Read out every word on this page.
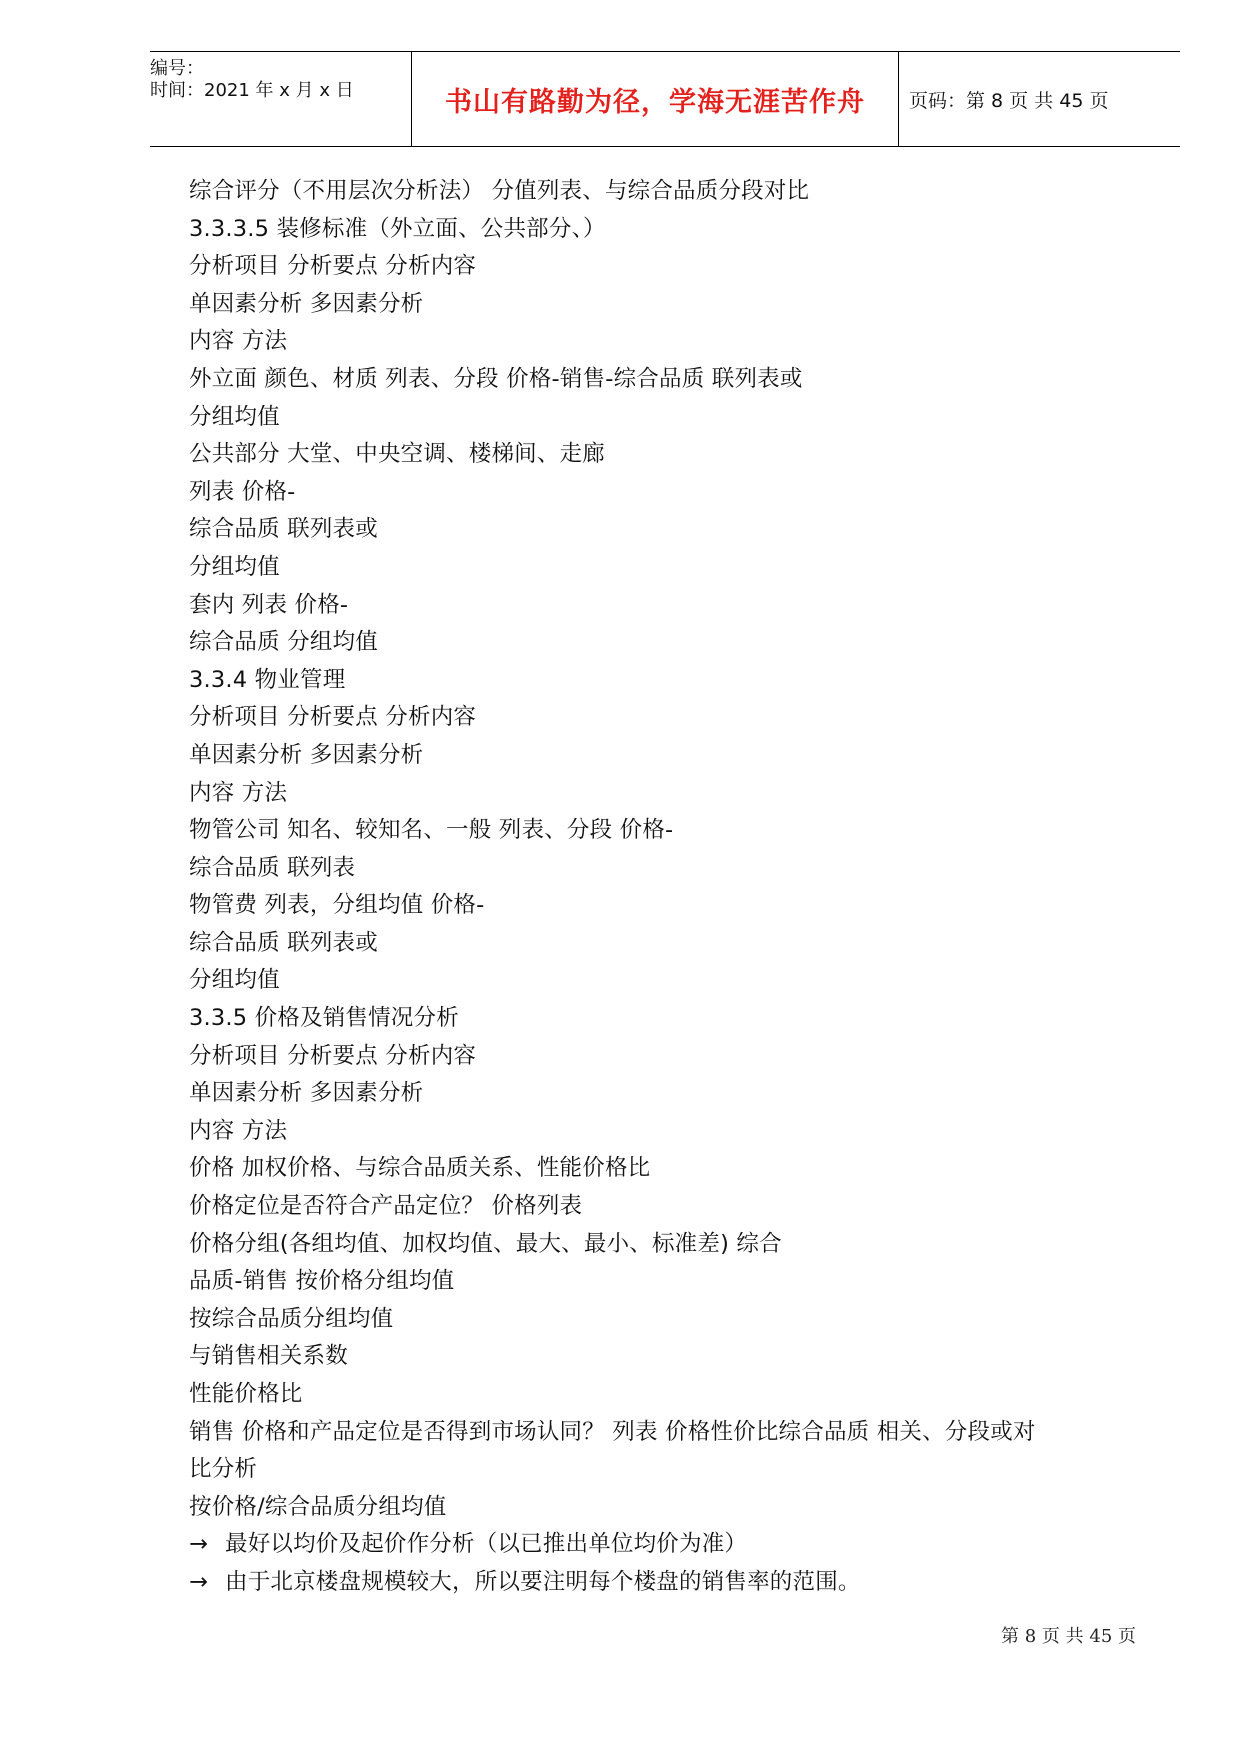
编号：
时间：2021 年 x 月 x 日	书山有路勤为径，学海无涯苦作舟	页码：第 8 页 共 45 页
综合评分（不用层次分析法） 分值列表、与综合品质分段对比
3.3.3.5 装修标准（外立面、公共部分、）
分析项目 分析要点 分析内容
单因素分析 多因素分析
内容 方法
外立面 颜色、材质 列表、分段 价格-销售-综合品质 联列表或
分组均值
公共部分 大堂、中央空调、楼梯间、走廊
列表 价格-
综合品质 联列表或
分组均值
套内 列表 价格-
综合品质 分组均值
3.3.4 物业管理
分析项目 分析要点 分析内容
单因素分析 多因素分析
内容 方法
物管公司 知名、较知名、一般 列表、分段 价格-
综合品质 联列表
物管费 列表，分组均值 价格-
综合品质 联列表或
分组均值
3.3.5 价格及销售情况分析
分析项目 分析要点 分析内容
单因素分析 多因素分析
内容 方法
价格 加权价格、与综合品质关系、性能价格比
价格定位是否符合产品定位？ 价格列表
价格分组(各组均值、加权均值、最大、最小、标准差) 综合
品质-销售 按价格分组均值
按综合品质分组均值
与销售相关系数
性能价格比
销售 价格和产品定位是否得到市场认同？ 列表 价格性价比综合品质 相关、分段或对
比分析
按价格/综合品质分组均值
→ 最好以均价及起价作分析（以已推出单位均价为准）
→ 由于北京楼盘规模较大，所以要注明每个楼盘的销售率的范围。
第 8 页 共 45 页
